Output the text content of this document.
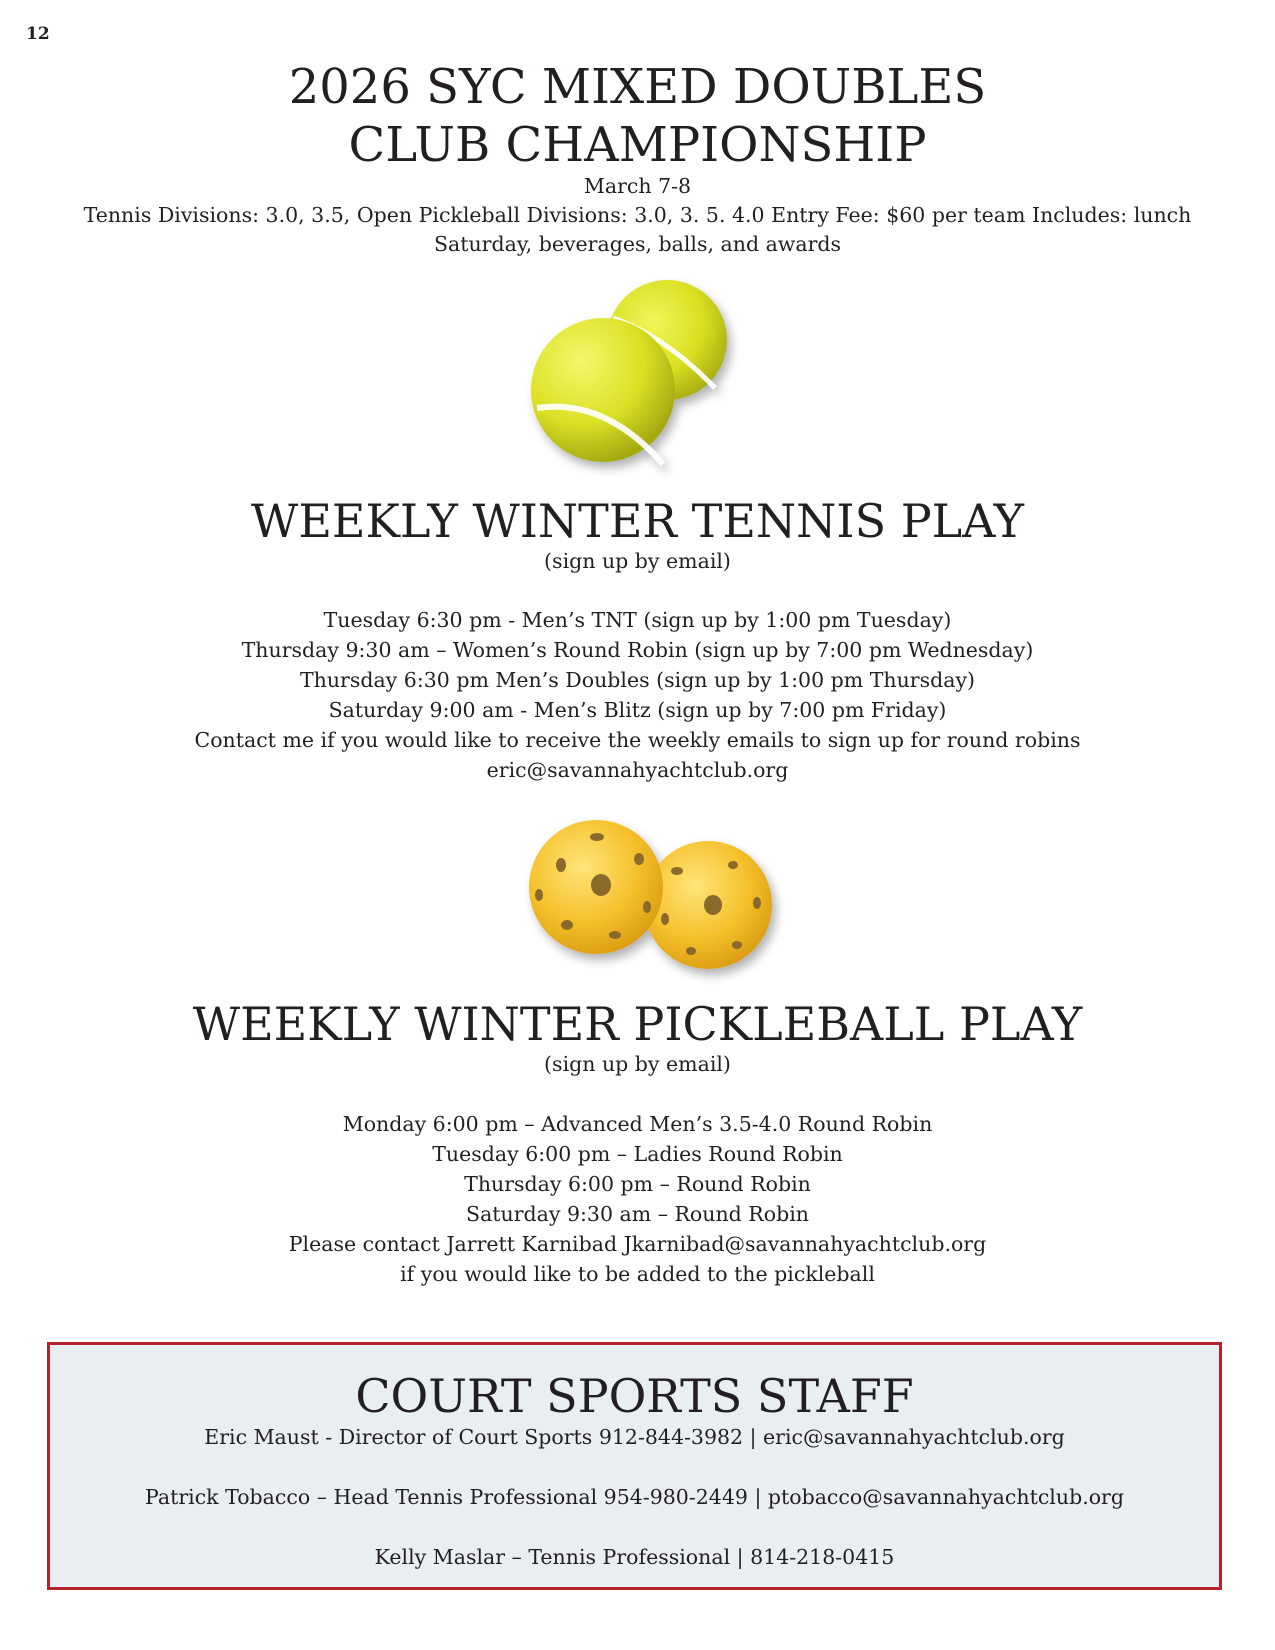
12
2026 SYC MIXED DOUBLES
CLUB CHAMPIONSHIP
March 7-8
Tennis Divisions: 3.0, 3.5, Open Pickleball Divisions: 3.0, 3. 5. 4.0 Entry Fee: $60 per team Includes: lunch
Saturday, beverages, balls, and awards
WEEKLY WINTER TENNIS PLAY
(sign up by email)
Tuesday 6:30 pm - Men’s TNT (sign up by 1:00 pm Tuesday)
Thursday 9:30 am – Women’s Round Robin (sign up by 7:00 pm Wednesday)
Thursday 6:30 pm Men’s Doubles (sign up by 1:00 pm Thursday)
Saturday 9:00 am - Men’s Blitz (sign up by 7:00 pm Friday)
Contact me if you would like to receive the weekly emails to sign up for round robins
eric@savannahyachtclub.org
WEEKLY WINTER PICKLEBALL PLAY
(sign up by email)
Monday 6:00 pm – Advanced Men’s 3.5-4.0 Round Robin
Tuesday 6:00 pm – Ladies Round Robin
Thursday 6:00 pm – Round Robin
Saturday 9:30 am – Round Robin
Please contact Jarrett Karnibad Jkarnibad@savannahyachtclub.org
if you would like to be added to the pickleball
COURT SPORTS STAFF
Eric Maust - Director of Court Sports 912-844-3982 | eric@savannahyachtclub.org
Patrick Tobacco – Head Tennis Professional 954-980-2449 | ptobacco@savannahyachtclub.org
Kelly Maslar – Tennis Professional | 814-218-0415
